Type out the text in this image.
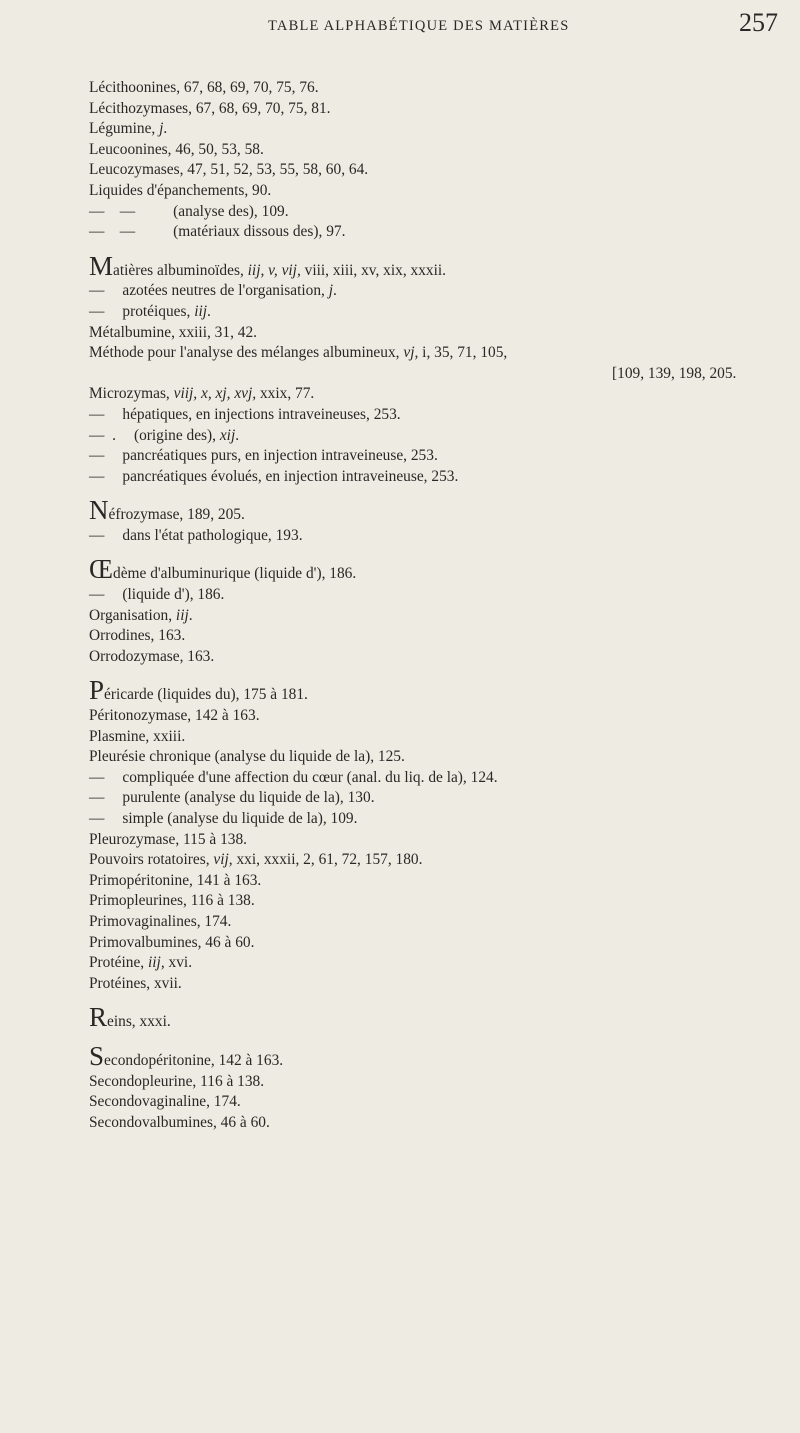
TABLE ALPHABÉTIQUE DES MATIÈRES	257
Lécithoonines, 67, 68, 69, 70, 75, 76.
Lécithozymases, 67, 68, 69, 70, 75, 81.
Légumine, j.
Leucoonines, 46, 50, 53, 58.
Leucozymases, 47, 51, 52, 53, 55, 58, 60, 64.
Liquides d'épanchements, 90.
—    — (analyse des), 109.
—    — (matériaux dissous des), 97.
Matières albuminoïdes, iij, v, vij, viii, xiii, xv, xix, xxxii.
— azotées neutres de l'organisation, j.
— protéiques, iij.
Métalbumine, xxiii, 31, 42.
Méthode pour l'analyse des mélanges albumineux, vj, i, 35, 71, 105,
[109, 139, 198, 205.
Microzymas, viij, x, xj, xvj, xxix, 77.
— hépatiques, en injections intraveineuses, 253.
—  . (origine des), xij.
— pancréatiques purs, en injection intraveineuse, 253.
— pancréatiques évolués, en injection intraveineuse, 253.
Néfrozymase, 189, 205.
— dans l'état pathologique, 193.
Œdème d'albuminurique (liquide d'), 186.
— (liquide d'), 186.
Organisation, iij.
Orrodines, 163.
Orrodozymase, 163.
Péricarde (liquides du), 175 à 181.
Péritonozymase, 142 à 163.
Plasmine, xxiii.
Pleurésie chronique (analyse du liquide de la), 125.
— compliquée d'une affection du cœur (anal. du liq. de la), 124.
— purulente (analyse du liquide de la), 130.
— simple (analyse du liquide de la), 109.
Pleurozymase, 115 à 138.
Pouvoirs rotatoires, vij, xxi, xxxii, 2, 61, 72, 157, 180.
Primopéritonine, 141 à 163.
Primopleurines, 116 à 138.
Primovaginalines, 174.
Primovalbumines, 46 à 60.
Protéine, iij, xvi.
Protéines, xvii.
Reins, xxxi.
Secondopéritonine, 142 à 163.
Secondopleurine, 116 à 138.
Secondovaginaline, 174.
Secondovalbumines, 46 à 60.
